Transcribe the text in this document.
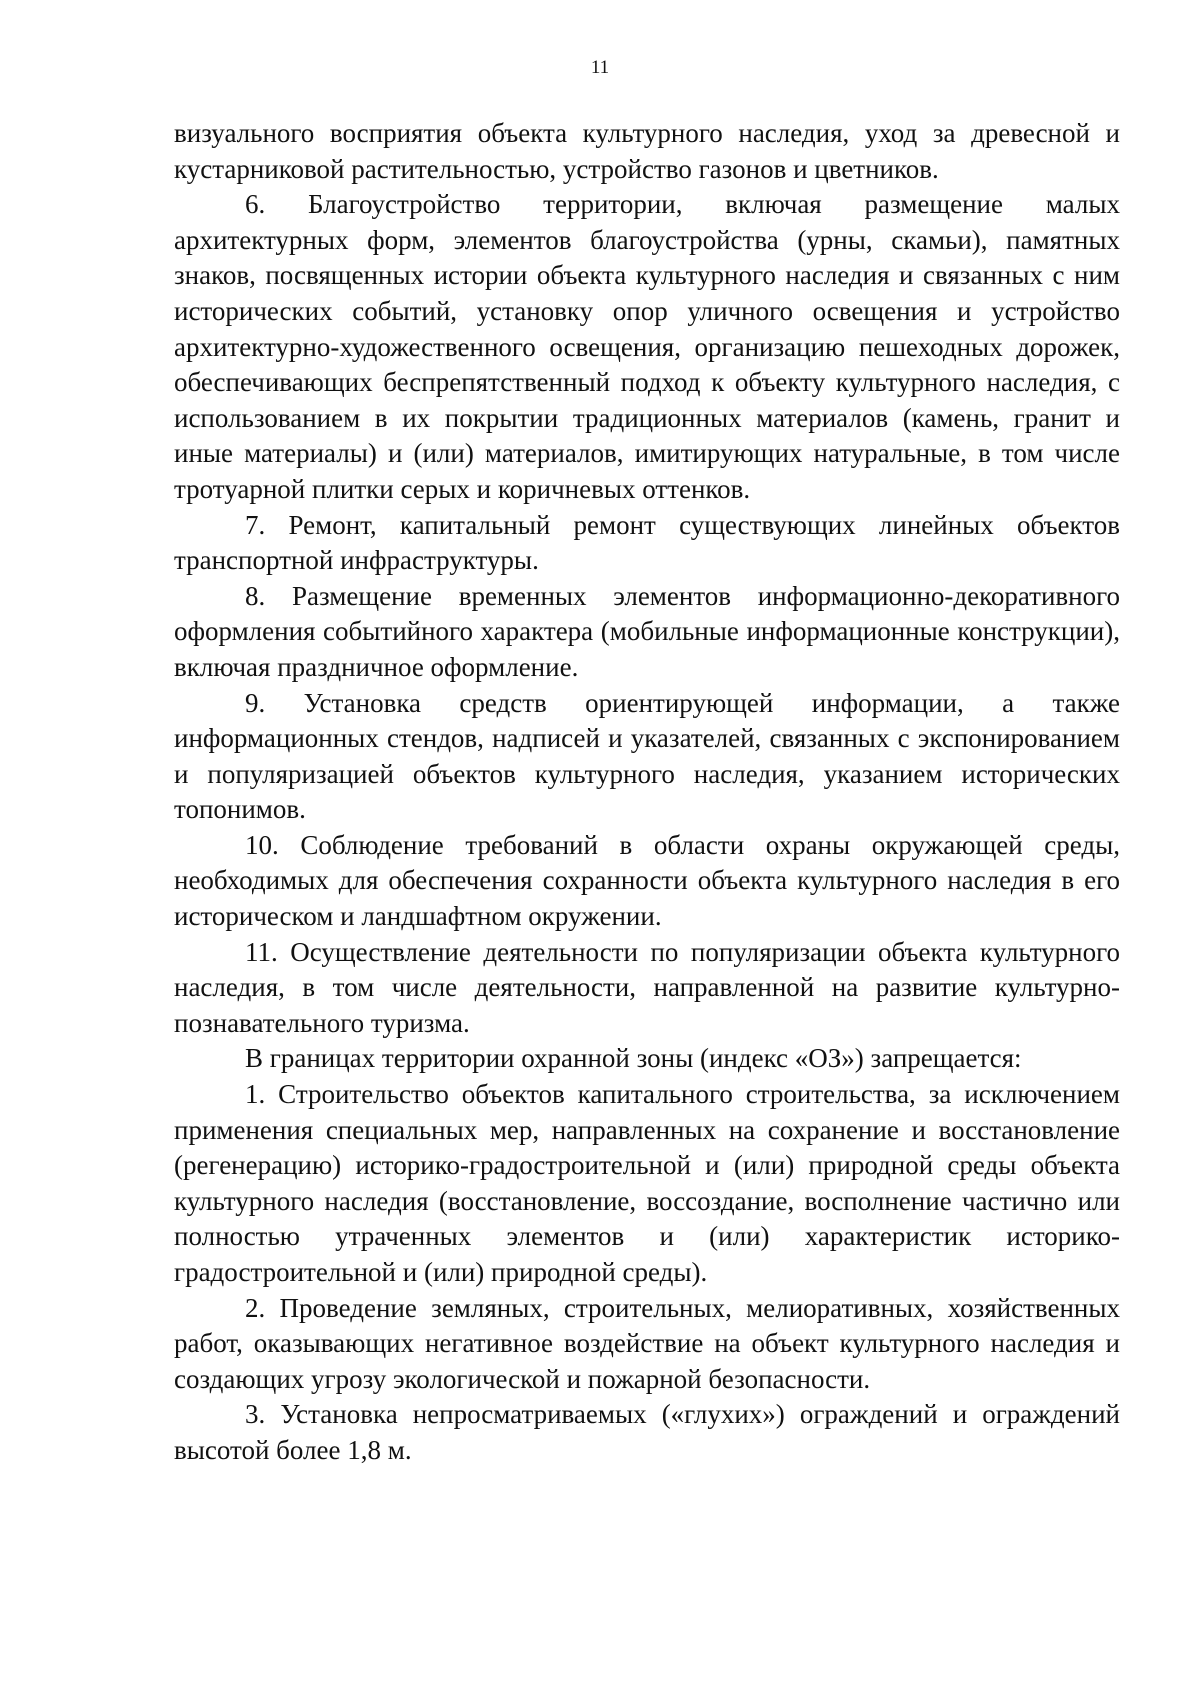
11

визуального восприятия объекта культурного наследия, уход за древесной и кустарниковой растительностью, устройство газонов и цветников.

6. Благоустройство территории, включая размещение малых архитектурных форм, элементов благоустройства (урны, скамьи), памятных знаков, посвященных истории объекта культурного наследия и связанных с ним исторических событий, установку опор уличного освещения и устройство архитектурно-художественного освещения, организацию пешеходных дорожек, обеспечивающих беспрепятственный подход к объекту культурного наследия, с использованием в их покрытии традиционных материалов (камень, гранит и иные материалы) и (или) материалов, имитирующих натуральные, в том числе тротуарной плитки серых и коричневых оттенков.

7. Ремонт, капитальный ремонт существующих линейных объектов транспортной инфраструктуры.

8. Размещение временных элементов информационно-декоративного оформления событийного характера (мобильные информационные конструкции), включая праздничное оформление.

9. Установка средств ориентирующей информации, а также информационных стендов, надписей и указателей, связанных с экспонированием и популяризацией объектов культурного наследия, указанием исторических топонимов.

10. Соблюдение требований в области охраны окружающей среды, необходимых для обеспечения сохранности объекта культурного наследия в его историческом и ландшафтном окружении.

11. Осуществление деятельности по популяризации объекта культурного наследия, в том числе деятельности, направленной на развитие культурно-познавательного туризма.

В границах территории охранной зоны (индекс «ОЗ») запрещается:

1. Строительство объектов капитального строительства, за исключением применения специальных мер, направленных на сохранение и восстановление (регенерацию) историко-градостроительной и (или) природной среды объекта культурного наследия (восстановление, воссоздание, восполнение частично или полностью утраченных элементов и (или) характеристик историко-градостроительной и (или) природной среды).

2. Проведение земляных, строительных, мелиоративных, хозяйственных работ, оказывающих негативное воздействие на объект культурного наследия и создающих угрозу экологической и пожарной безопасности.

3. Установка непросматриваемых («глухих») ограждений и ограждений высотой более 1,8 м.
